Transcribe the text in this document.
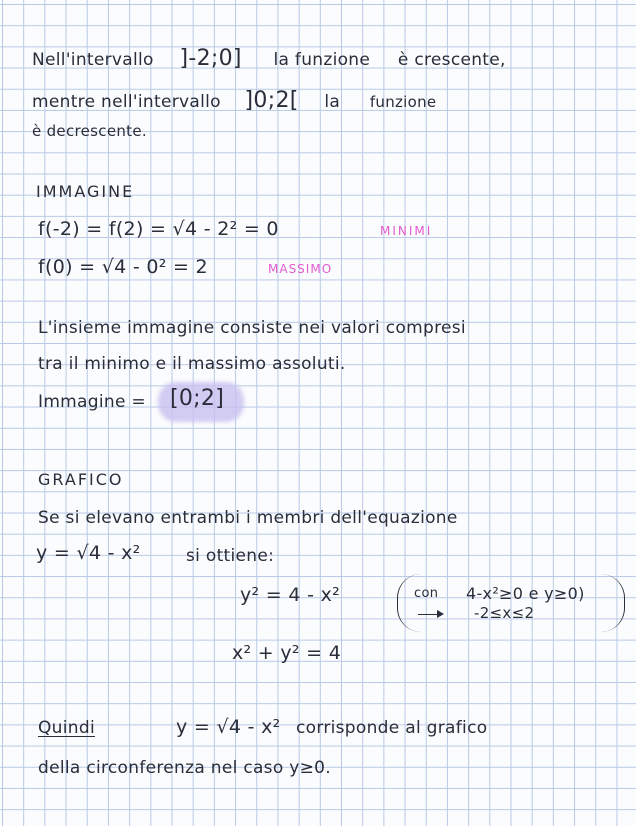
Nell'intervallo ]-2;0] la funzione è crescente,
mentre nell'intervallo ]0;2[ la funzione
è decrescente.
IMMAGINE
f(-2) = f(2) = √4 - 2² = 0	MINIMI
f(0) = √4 - 0² = 2	MASSIMO
L'insieme immagine consiste nei valori compresi
tra il minimo e il massimo assoluti.
Immagine = [0;2]
GRAFICO
Se si elevano entrambi i membri dell'equazione
y = √4 - x²	si ottiene:
y² = 4 - x²	con 4-x²≥0 e y≥0)
-2≤x≤2
x² + y² = 4
Quindi	y = √4 - x² corrisponde al grafico
della circonferenza nel caso y≥0.
